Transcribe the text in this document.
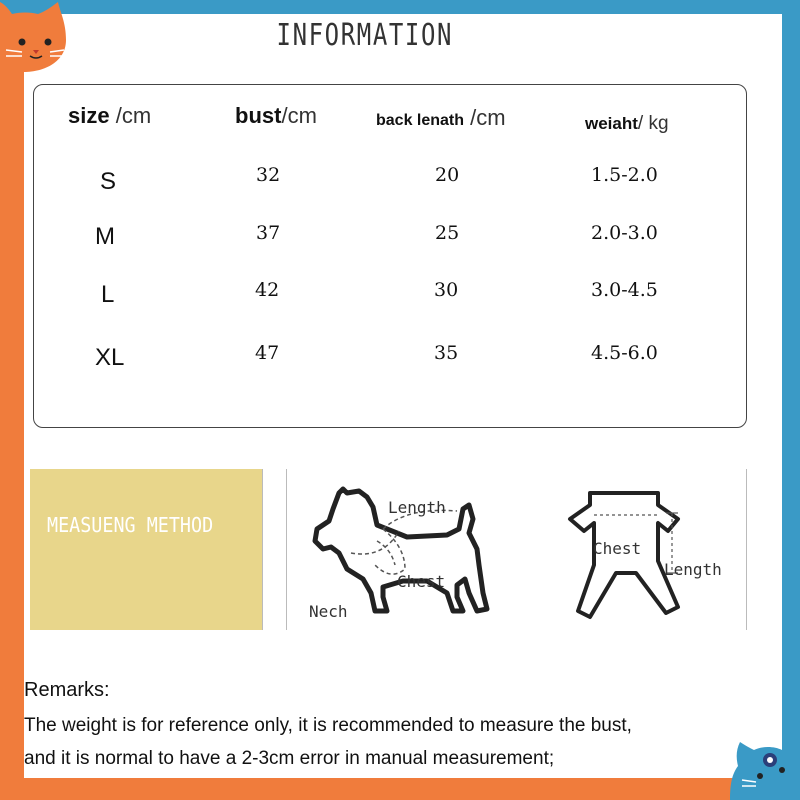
INFORMATION
size /cm	bust/cm	back lenath /cm	weiaht/ kg
S	32	20	1.5-2.0
M	37	25	2.0-3.0
L	42	30	3.0-4.5
XL	47	35	4.5-6.0
MEASUENG METHOD
Length
Chest
Nech
Chest
Length
Remarks:
The weight is for reference only, it is recommended to measure the bust,
and it is normal to have a 2-3cm error in manual measurement;
